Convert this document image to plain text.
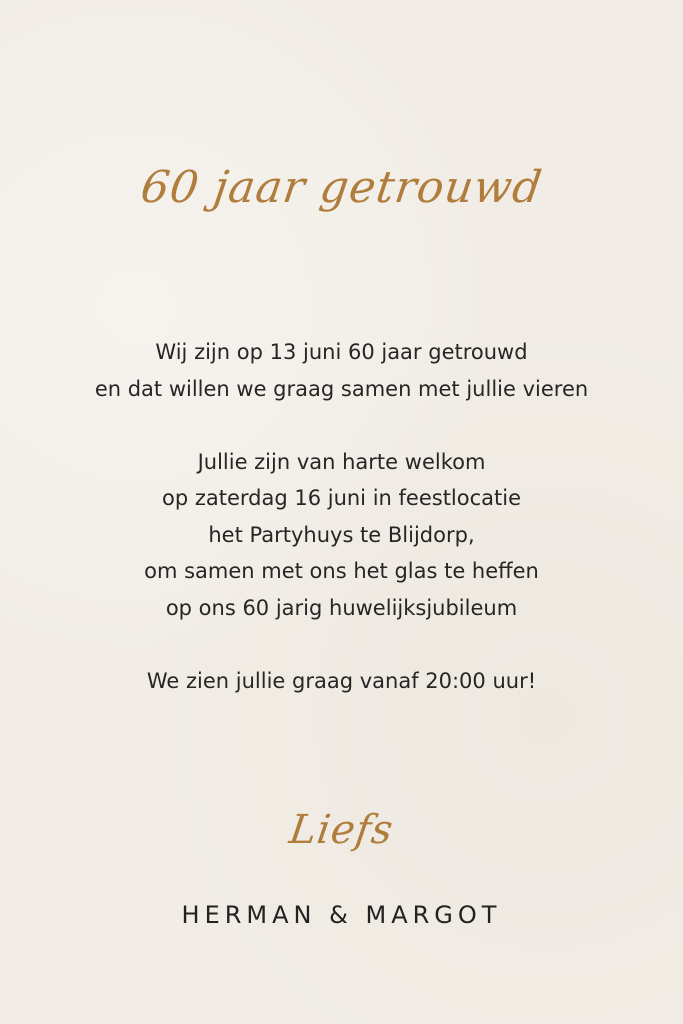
60 jaar getrouwd
Wij zijn op 13 juni 60 jaar getrouwd
en dat willen we graag samen met jullie vieren
Jullie zijn van harte welkom
op zaterdag 16 juni in feestlocatie
het Partyhuys te Blijdorp,
om samen met ons het glas te heffen
op ons 60 jarig huwelijksjubileum
We zien jullie graag vanaf 20:00 uur!
Liefs
HERMAN & MARGOT
